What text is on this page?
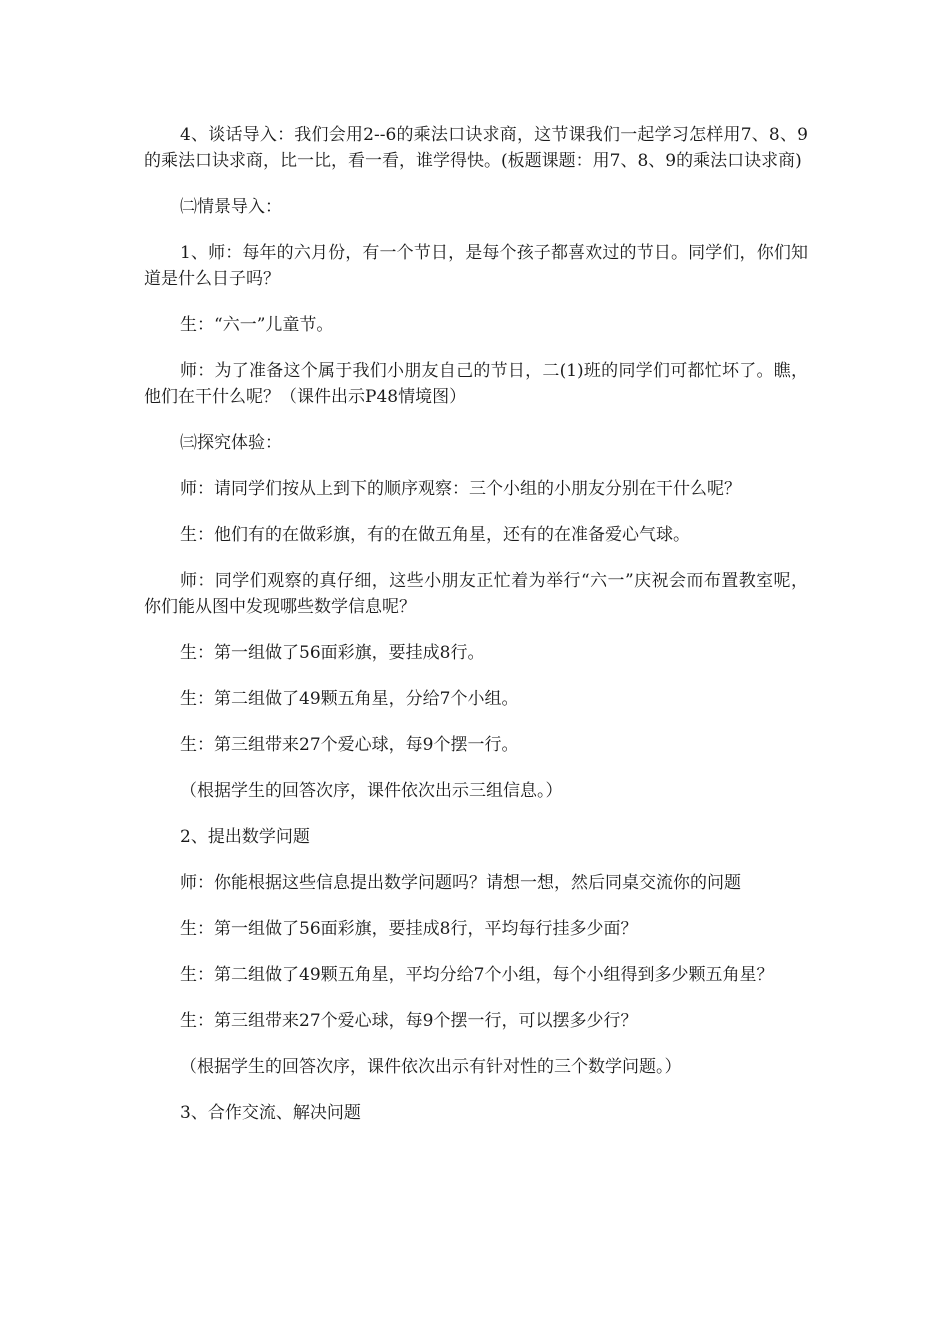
4、谈话导入：我们会用2--6的乘法口诀求商，这节课我们一起学习怎样用7、8、9的乘法口诀求商，比一比，看一看，谁学得快。(板题课题：用7、8、9的乘法口诀求商)

㈡情景导入：

1、师：每年的六月份，有一个节日，是每个孩子都喜欢过的节日。同学们，你们知道是什么日子吗？

生：“六一”儿童节。

师：为了准备这个属于我们小朋友自己的节日，二(1)班的同学们可都忙坏了。瞧，他们在干什么呢？（课件出示P48情境图）

㈢探究体验：

师：请同学们按从上到下的顺序观察：三个小组的小朋友分别在干什么呢？

生：他们有的在做彩旗，有的在做五角星，还有的在准备爱心气球。

师：同学们观察的真仔细，这些小朋友正忙着为举行“六一”庆祝会而布置教室呢，你们能从图中发现哪些数学信息呢？

生：第一组做了56面彩旗，要挂成8行。

生：第二组做了49颗五角星，分给7个小组。

生：第三组带来27个爱心球，每9个摆一行。

（根据学生的回答次序，课件依次出示三组信息。）

2、提出数学问题

师：你能根据这些信息提出数学问题吗？请想一想，然后同桌交流你的问题

生：第一组做了56面彩旗，要挂成8行，平均每行挂多少面？

生：第二组做了49颗五角星，平均分给7个小组，每个小组得到多少颗五角星？

生：第三组带来27个爱心球，每9个摆一行，可以摆多少行？

（根据学生的回答次序，课件依次出示有针对性的三个数学问题。）

3、合作交流、解决问题
